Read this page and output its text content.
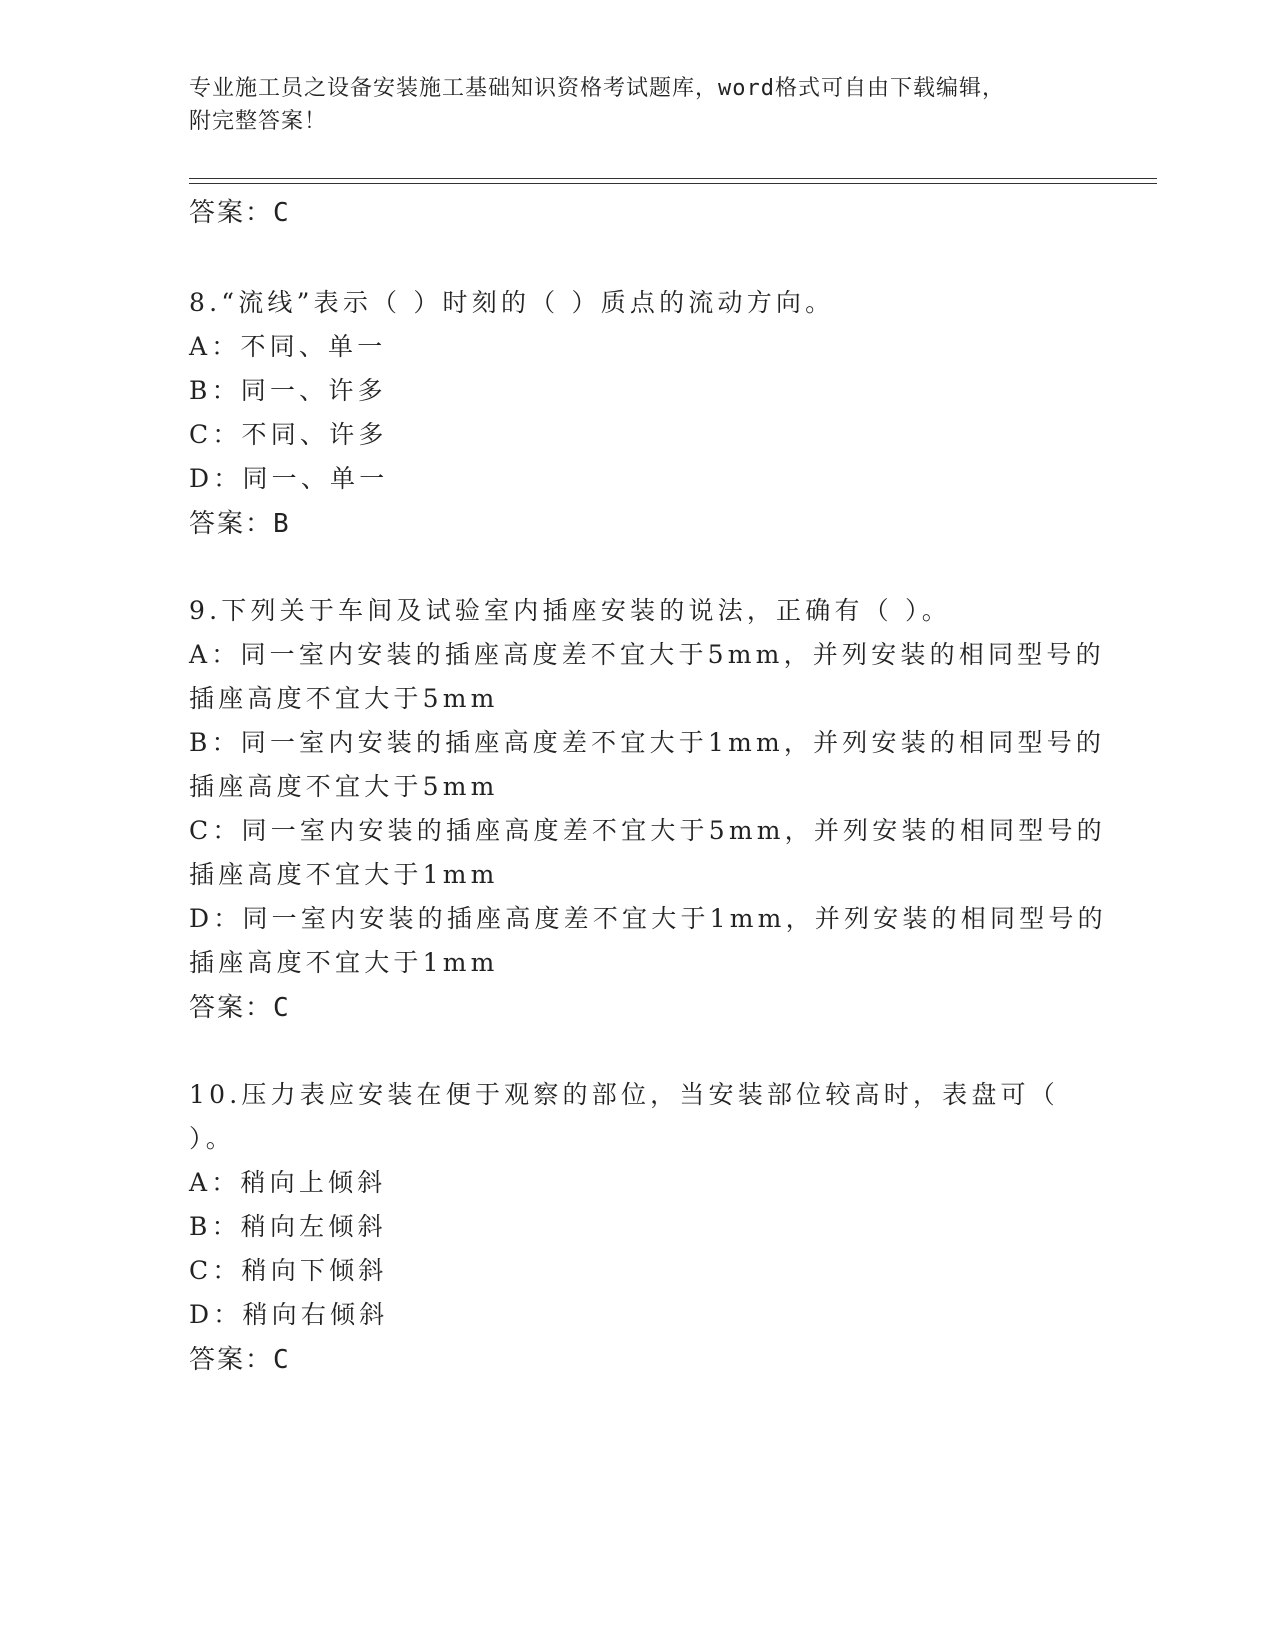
专业施工员之设备安装施工基础知识资格考试题库，word格式可自由下载编辑，
附完整答案！
答案：C
8.“流线”表示（ ）时刻的（ ）质点的流动方向。
A：不同、单一
B：同一、许多
C：不同、许多
D：同一、单一
答案：B
9.下列关于车间及试验室内插座安装的说法，正确有（ ）。
A：同一室内安装的插座高度差不宜大于5mm，并列安装的相同型号的
插座高度不宜大于5mm
B：同一室内安装的插座高度差不宜大于1mm，并列安装的相同型号的
插座高度不宜大于5mm
C：同一室内安装的插座高度差不宜大于5mm，并列安装的相同型号的
插座高度不宜大于1mm
D：同一室内安装的插座高度差不宜大于1mm，并列安装的相同型号的
插座高度不宜大于1mm
答案：C
10.压力表应安装在便于观察的部位，当安装部位较高时，表盘可（
）。
A：稍向上倾斜
B：稍向左倾斜
C：稍向下倾斜
D：稍向右倾斜
答案：C
